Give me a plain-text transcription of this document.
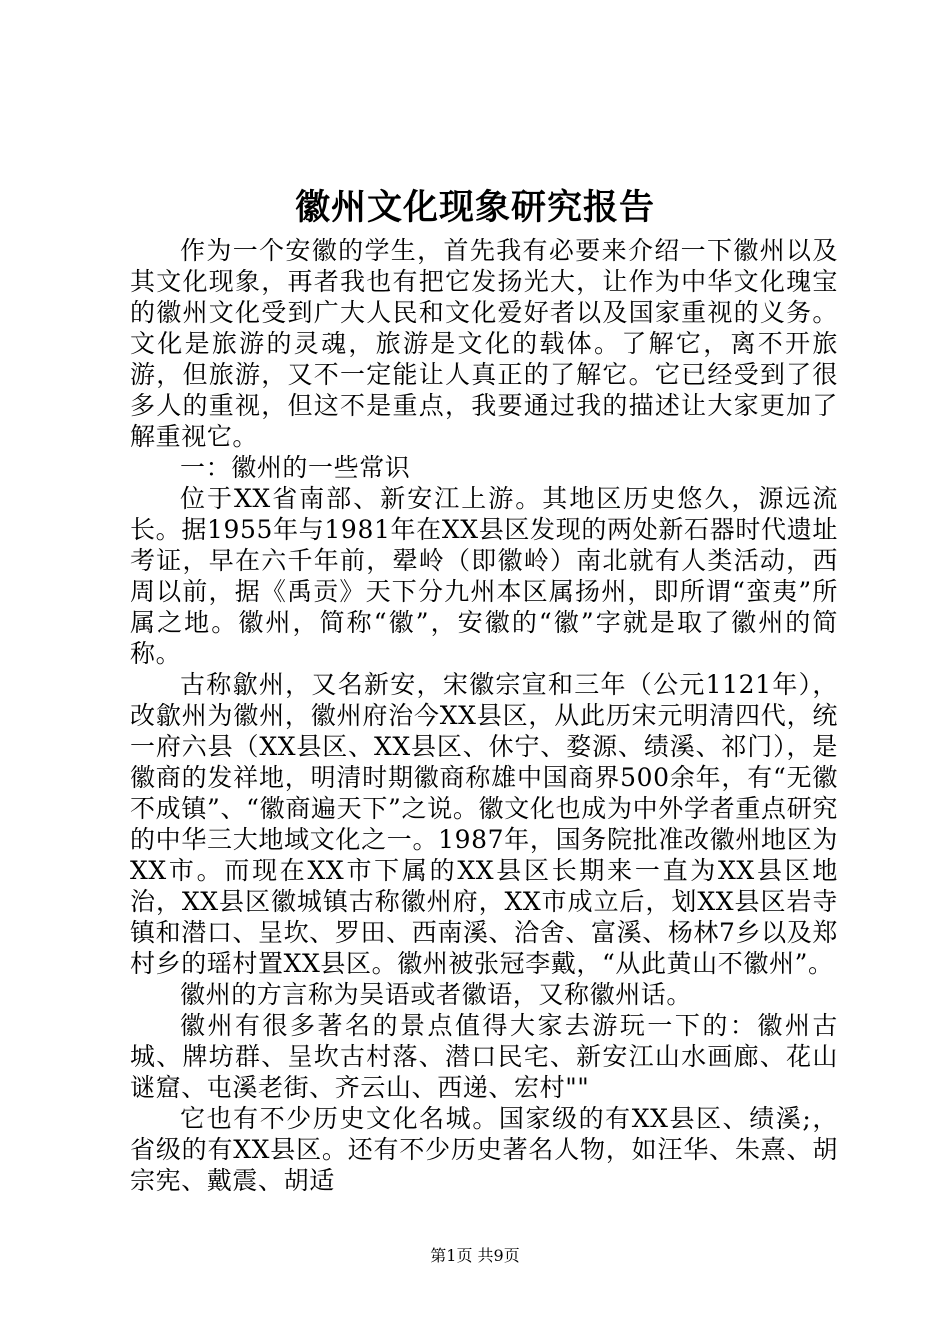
徽州文化现象研究报告

作为一个安徽的学生，首先我有必要来介绍一下徽州以及其文化现象，再者我也有把它发扬光大，让作为中华文化瑰宝的徽州文化受到广大人民和文化爱好者以及国家重视的义务。文化是旅游的灵魂，旅游是文化的载体。了解它，离不开旅游，但旅游，又不一定能让人真正的了解它。它已经受到了很多人的重视，但这不是重点，我要通过我的描述让大家更加了解重视它。

一：徽州的一些常识

位于XX省南部、新安江上游。其地区历史悠久，源远流长。据1955年与1981年在XX县区发现的两处新石器时代遗址考证，早在六千年前，翚岭（即徽岭）南北就有人类活动，西周以前，据《禹贡》天下分九州本区属扬州，即所谓“蛮夷”所属之地。徽州，简称“徽”，安徽的“徽”字就是取了徽州的简称。

古称歙州，又名新安，宋徽宗宣和三年（公元1121年），改歙州为徽州，徽州府治今XX县区，从此历宋元明清四代，统一府六县（XX县区、XX县区、休宁、婺源、绩溪、祁门），是徽商的发祥地，明清时期徽商称雄中国商界500余年，有“无徽不成镇”、“徽商遍天下”之说。徽文化也成为中外学者重点研究的中华三大地域文化之一。1987年，国务院批准改徽州地区为XX市。而现在XX市下属的XX县区长期来一直为XX县区地治，XX县区徽城镇古称徽州府，XX市成立后，划XX县区岩寺镇和潜口、呈坎、罗田、西南溪、洽舍、富溪、杨林7乡以及郑村乡的瑶村置XX县区。徽州被张冠李戴，“从此黄山不徽州”。

徽州的方言称为吴语或者徽语，又称徽州话。

徽州有很多著名的景点值得大家去游玩一下的：徽州古城、牌坊群、呈坎古村落、潜口民宅、新安江山水画廊、花山谜窟、屯溪老街、齐云山、西递、宏村""

它也有不少历史文化名城。国家级的有XX县区、绩溪;，省级的有XX县区。还有不少历史著名人物，如汪华、朱熹、胡宗宪、戴震、胡适

第1页 共9页
